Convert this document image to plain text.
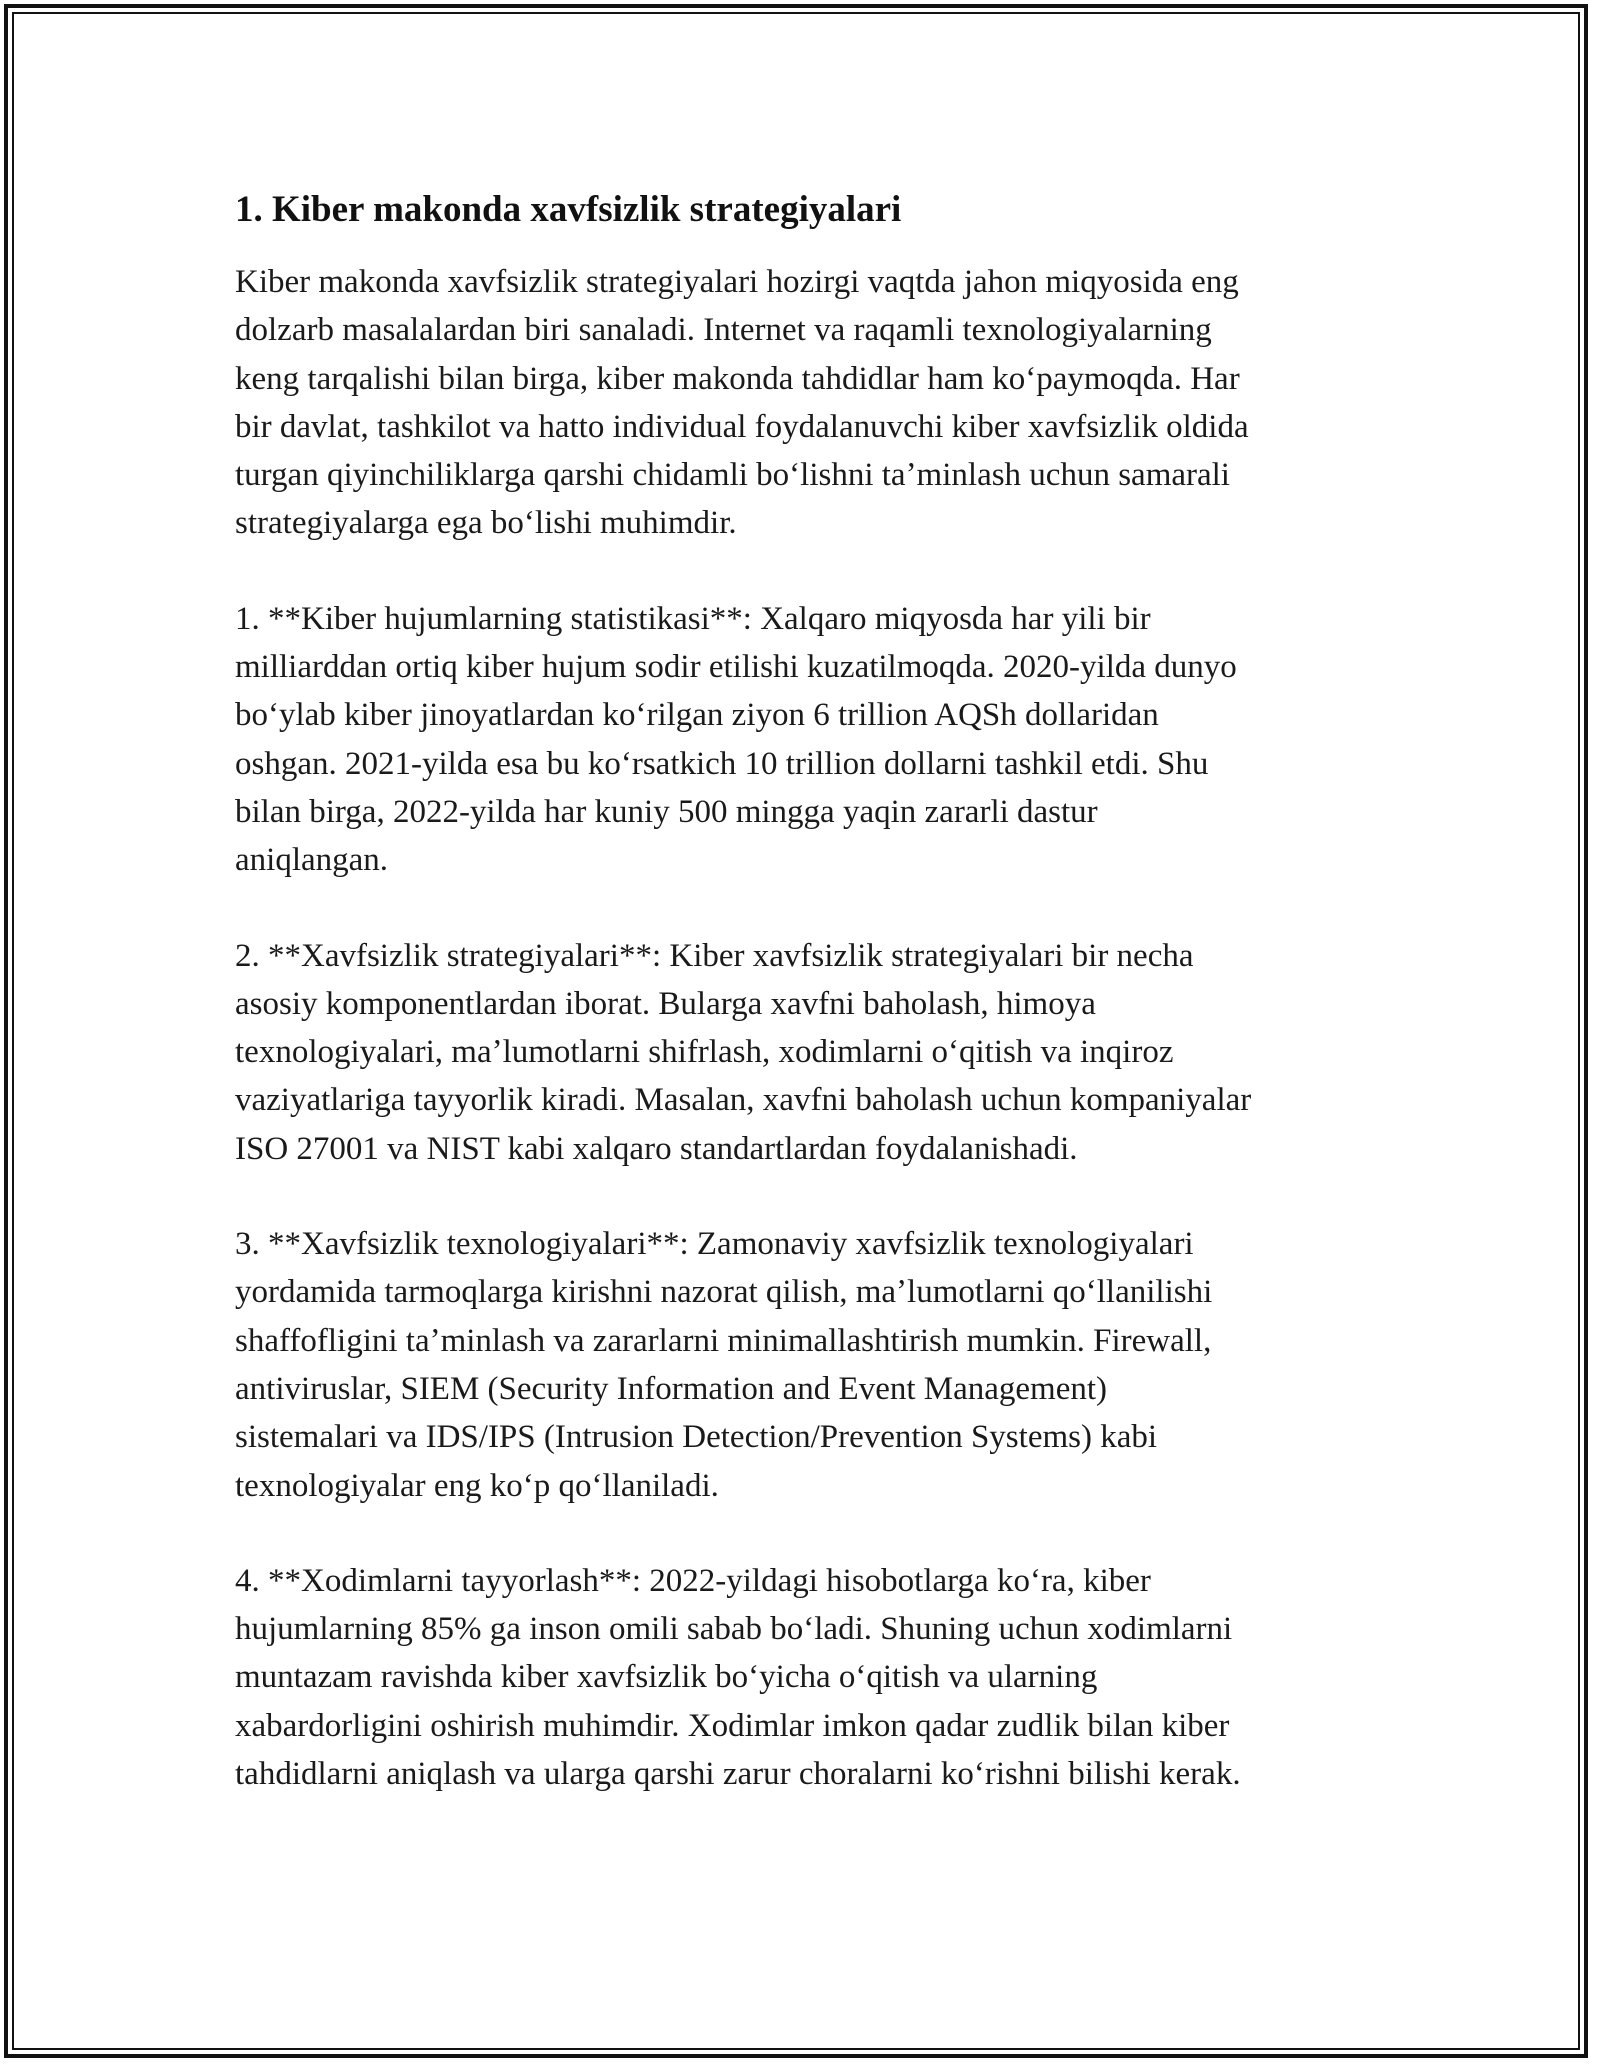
1. Kiber makonda xavfsizlik strategiyalari

Kiber makonda xavfsizlik strategiyalari hozirgi vaqtda jahon miqyosida eng
dolzarb masalalardan biri sanaladi. Internet va raqamli texnologiyalarning
keng tarqalishi bilan birga, kiber makonda tahdidlar ham koʻpaymoqda. Har
bir davlat, tashkilot va hatto individual foydalanuvchi kiber xavfsizlik oldida
turgan qiyinchiliklarga qarshi chidamli boʻlishni taʼminlash uchun samarali
strategiyalarga ega boʻlishi muhimdir.

1. **Kiber hujumlarning statistikasi**: Xalqaro miqyosda har yili bir
milliarddan ortiq kiber hujum sodir etilishi kuzatilmoqda. 2020-yilda dunyo
boʻylab kiber jinoyatlardan koʻrilgan ziyon 6 trillion AQSh dollaridan
oshgan. 2021-yilda esa bu koʻrsatkich 10 trillion dollarni tashkil etdi. Shu
bilan birga, 2022-yilda har kuniy 500 mingga yaqin zararli dastur
aniqlangan.

2. **Xavfsizlik strategiyalari**: Kiber xavfsizlik strategiyalari bir necha
asosiy komponentlardan iborat. Bularga xavfni baholash, himoya
texnologiyalari, maʼlumotlarni shifrlash, xodimlarni oʻqitish va inqiroz
vaziyatlariga tayyorlik kiradi. Masalan, xavfni baholash uchun kompaniyalar
ISO 27001 va NIST kabi xalqaro standartlardan foydalanishadi.

3. **Xavfsizlik texnologiyalari**: Zamonaviy xavfsizlik texnologiyalari
yordamida tarmoqlarga kirishni nazorat qilish, maʼlumotlarni qoʻllanilishi
shaffofligini taʼminlash va zararlarni minimallashtirish mumkin. Firewall,
antiviruslar, SIEM (Security Information and Event Management)
sistemalari va IDS/IPS (Intrusion Detection/Prevention Systems) kabi
texnologiyalar eng koʻp qoʻllaniladi.

4. **Xodimlarni tayyorlash**: 2022-yildagi hisobotlarga koʻra, kiber
hujumlarning 85% ga inson omili sabab boʻladi. Shuning uchun xodimlarni
muntazam ravishda kiber xavfsizlik boʻyicha oʻqitish va ularning
xabardorligini oshirish muhimdir. Xodimlar imkon qadar zudlik bilan kiber
tahdidlarni aniqlash va ularga qarshi zarur choralarni koʻrishni bilishi kerak.
